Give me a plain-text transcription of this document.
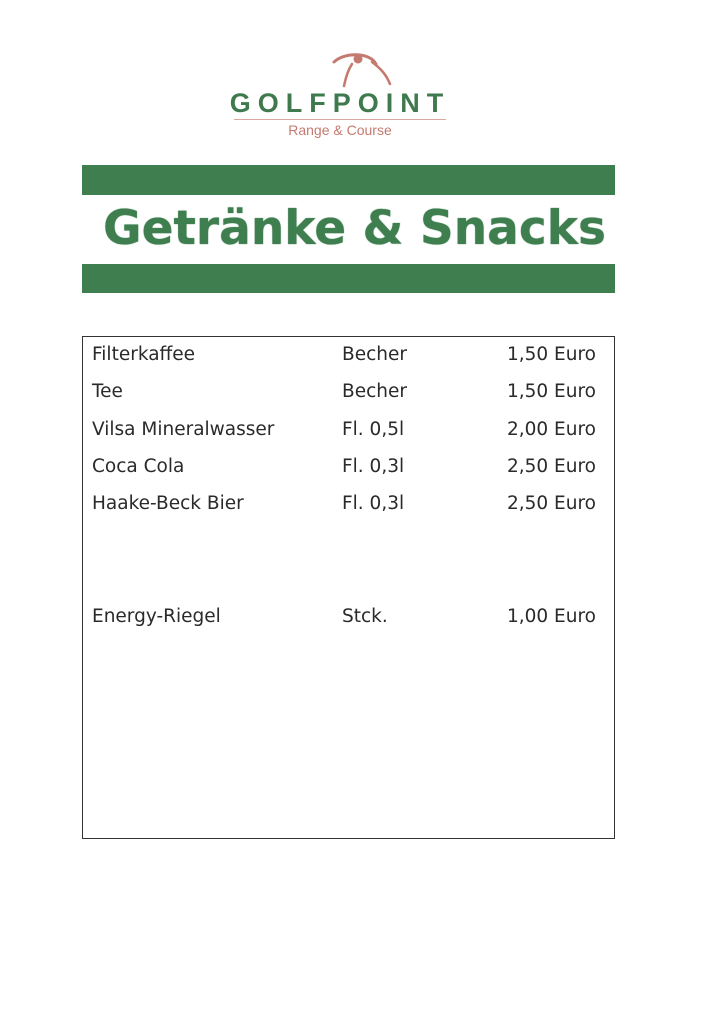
GOLFPOINT
Range & Course
Getränke & Snacks
Filterkaffee	Becher	1,50 Euro
Tee	Becher	1,50 Euro
Vilsa Mineralwasser	Fl. 0,5l	2,00 Euro
Coca Cola	Fl. 0,3l	2,50 Euro
Haake-Beck Bier	Fl. 0,3l	2,50 Euro
Energy-Riegel	Stck.	1,00 Euro
